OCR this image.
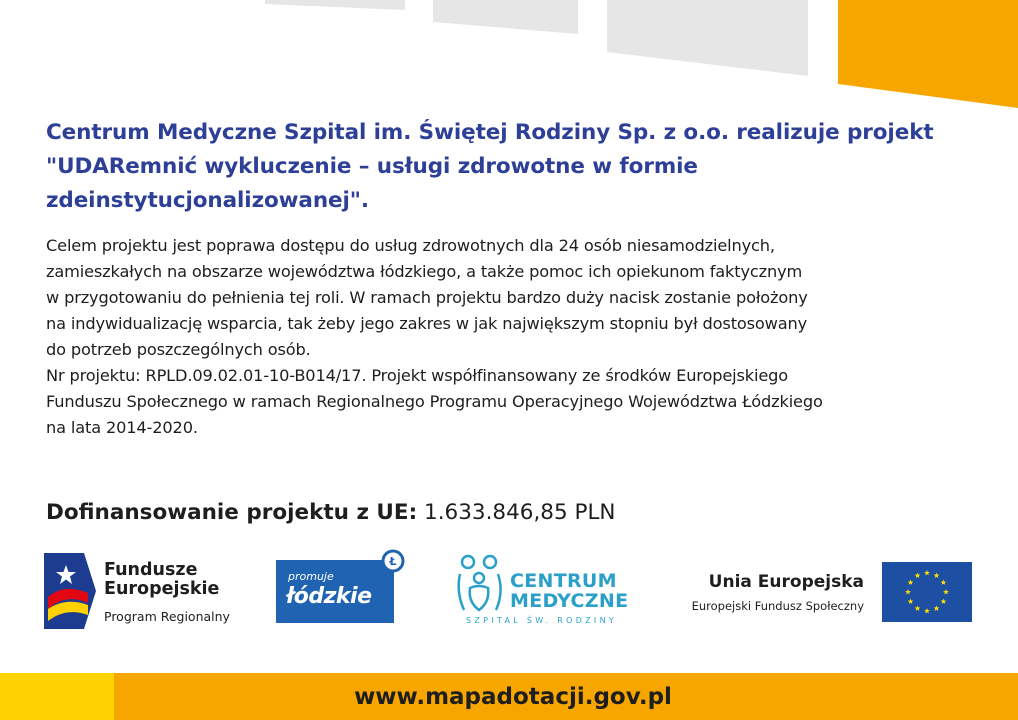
Centrum Medyczne Szpital im. Świętej Rodziny Sp. z o.o. realizuje projekt "UDARemnić wykluczenie – usługi zdrowotne w formie zdeinstytucjonalizowanej".

Celem projektu jest poprawa dostępu do usług zdrowotnych dla 24 osób niesamodzielnych,

zamieszkałych na obszarze województwa łódzkiego, a także pomoc ich opiekunom faktycznym

w przygotowaniu do pełnienia tej roli. W ramach projektu bardzo duży nacisk zostanie położony

na indywidualizację wsparcia, tak żeby jego zakres w jak największym stopniu był dostosowany

do potrzeb poszczególnych osób.

Nr projektu: RPLD.09.02.01-10-B014/17. Projekt współfinansowany ze środków Europejskiego

Funduszu Społecznego w ramach Regionalnego Programu Operacyjnego Województwa Łódzkiego

na lata 2014-2020.

Dofinansowanie projektu z UE: 1.633.846,85 PLN
Fundusze
Europejskie
Program Regionalny
Ł
promuje
łódzkie
CENTRUM
MEDYCZNE
SZPITAL ŚW. RODZINY
Unia Europejska
Europejski Fundusz Społeczny
www.mapadotacji.gov.pl
